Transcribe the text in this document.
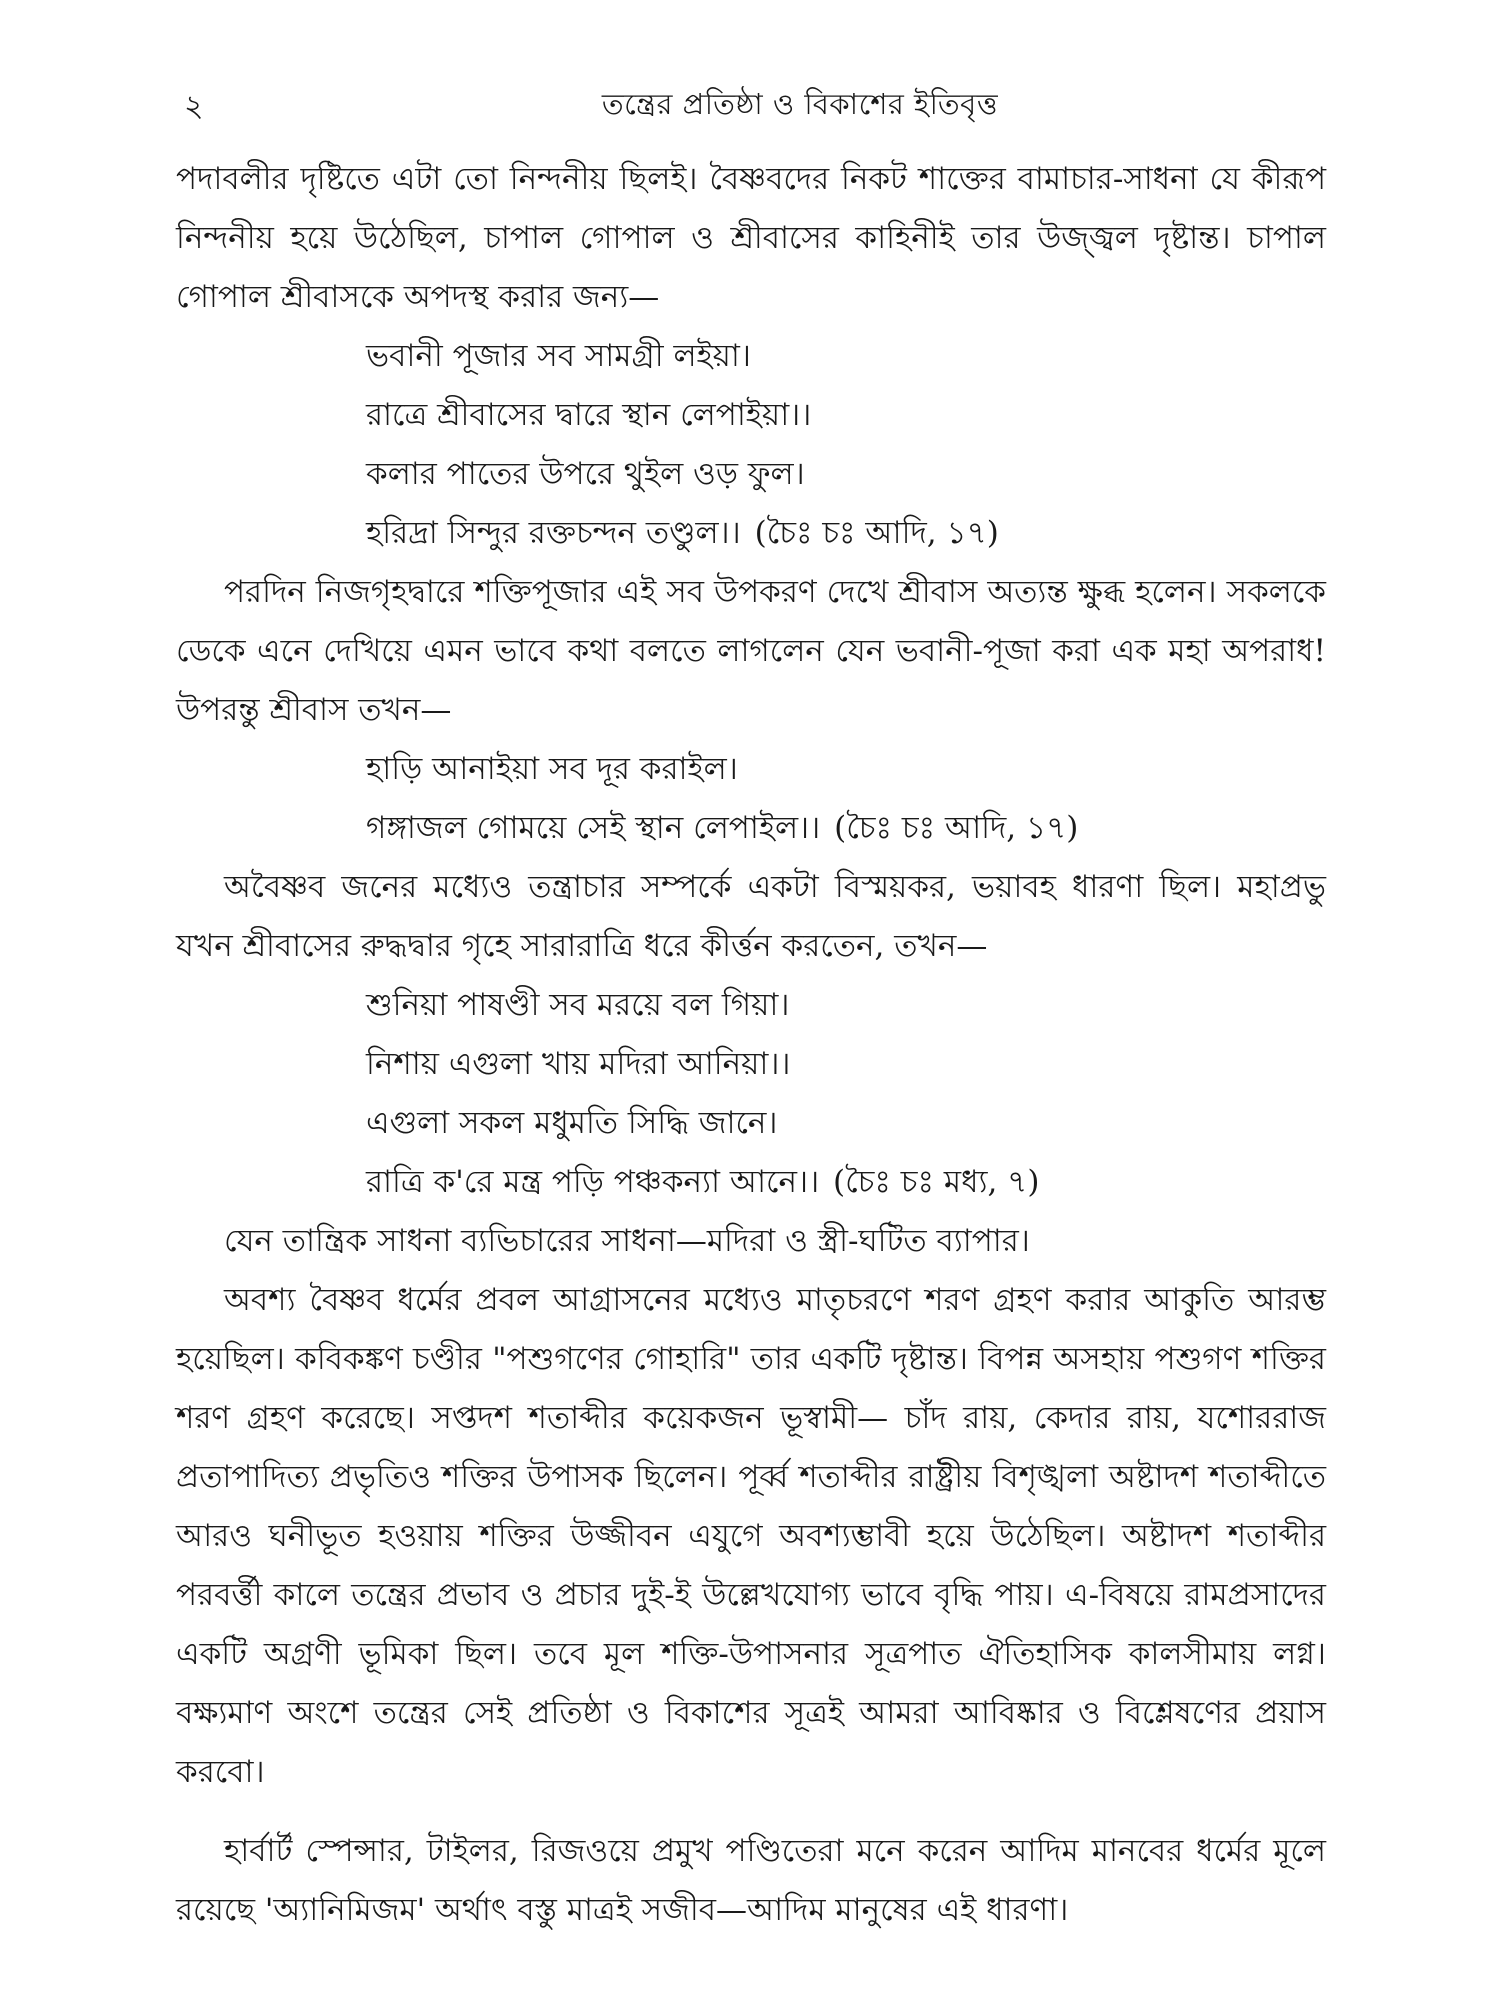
২	তন্ত্রের প্রতিষ্ঠা ও বিকাশের ইতিবৃত্ত

পদাবলীর দৃষ্টিতে এটা তো নিন্দনীয় ছিলই। বৈষ্ণবদের নিকট শাক্তের বামাচার-সাধনা যে কীরূপ নিন্দনীয় হয়ে উঠেছিল, চাপাল গোপাল ও শ্রীবাসের কাহিনীই তার উজ্জ্বল দৃষ্টান্ত। চাপাল গোপাল শ্রীবাসকে অপদস্থ করার জন্য—

ভবানী পূজার সব সামগ্রী লইয়া।

রাত্রে শ্রীবাসের দ্বারে স্থান লেপাইয়া।।

কলার পাতের উপরে থুইল ওড় ফুল।

হরিদ্রা সিন্দুর রক্তচন্দন তণ্ডুল।। (চৈঃ চঃ আদি, ১৭)

পরদিন নিজগৃহদ্বারে শক্তিপূজার এই সব উপকরণ দেখে শ্রীবাস অত্যন্ত ক্ষুব্ধ হলেন। সকলকে ডেকে এনে দেখিয়ে এমন ভাবে কথা বলতে লাগলেন যেন ভবানী-পূজা করা এক মহা অপরাধ! উপরন্তু শ্রীবাস তখন—

হাড়ি আনাইয়া সব দূর করাইল।

গঙ্গাজল গোময়ে সেই স্থান লেপাইল।। (চৈঃ চঃ আদি, ১৭)

অবৈষ্ণব জনের মধ্যেও তন্ত্রাচার সম্পর্কে একটা বিস্ময়কর, ভয়াবহ ধারণা ছিল। মহাপ্রভু যখন শ্রীবাসের রুদ্ধদ্বার গৃহে সারারাত্রি ধরে কীর্ত্তন করতেন, তখন—

শুনিয়া পাষণ্ডী সব মরয়ে বল গিয়া।

নিশায় এগুলা খায় মদিরা আনিয়া।।

এগুলা সকল মধুমতি সিদ্ধি জানে।

রাত্রি ক'রে মন্ত্র পড়ি পঞ্চকন্যা আনে।। (চৈঃ চঃ মধ্য, ৭)

যেন তান্ত্রিক সাধনা ব্যভিচারের সাধনা—মদিরা ও স্ত্রী-ঘটিত ব্যাপার।

অবশ্য বৈষ্ণব ধর্মের প্রবল আগ্রাসনের মধ্যেও মাতৃচরণে শরণ গ্রহণ করার আকুতি আরম্ভ হয়েছিল। কবিকঙ্কণ চণ্ডীর "পশুগণের গোহারি" তার একটি দৃষ্টান্ত। বিপন্ন অসহায় পশুগণ শক্তির শরণ গ্রহণ করেছে। সপ্তদশ শতাব্দীর কয়েকজন ভূস্বামী— চাঁদ রায়, কেদার রায়, যশোররাজ প্রতাপাদিত্য প্রভৃতিও শক্তির উপাসক ছিলেন। পূর্ব্ব শতাব্দীর রাষ্ট্রীয় বিশৃঙ্খলা অষ্টাদশ শতাব্দীতে আরও ঘনীভূত হওয়ায় শক্তির উজ্জীবন এযুগে অবশ্যম্ভাবী হয়ে উঠেছিল। অষ্টাদশ শতাব্দীর পরবর্ত্তী কালে তন্ত্রের প্রভাব ও প্রচার দুই-ই উল্লেখযোগ্য ভাবে বৃদ্ধি পায়। এ-বিষয়ে রামপ্রসাদের একটি অগ্রণী ভূমিকা ছিল। তবে মূল শক্তি-উপাসনার সূত্রপাত ঐতিহাসিক কালসীমায় লগ্ন। বক্ষ্যমাণ অংশে তন্ত্রের সেই প্রতিষ্ঠা ও বিকাশের সূত্রই আমরা আবিষ্কার ও বিশ্লেষণের প্রয়াস করবো।

হার্বার্ট স্পেন্সার, টাইলর, রিজওয়ে প্রমুখ পণ্ডিতেরা মনে করেন আদিম মানবের ধর্মের মূলে রয়েছে 'অ্যানিমিজম' অর্থাৎ বস্তু মাত্রই সজীব—আদিম মানুষের এই ধারণা।
